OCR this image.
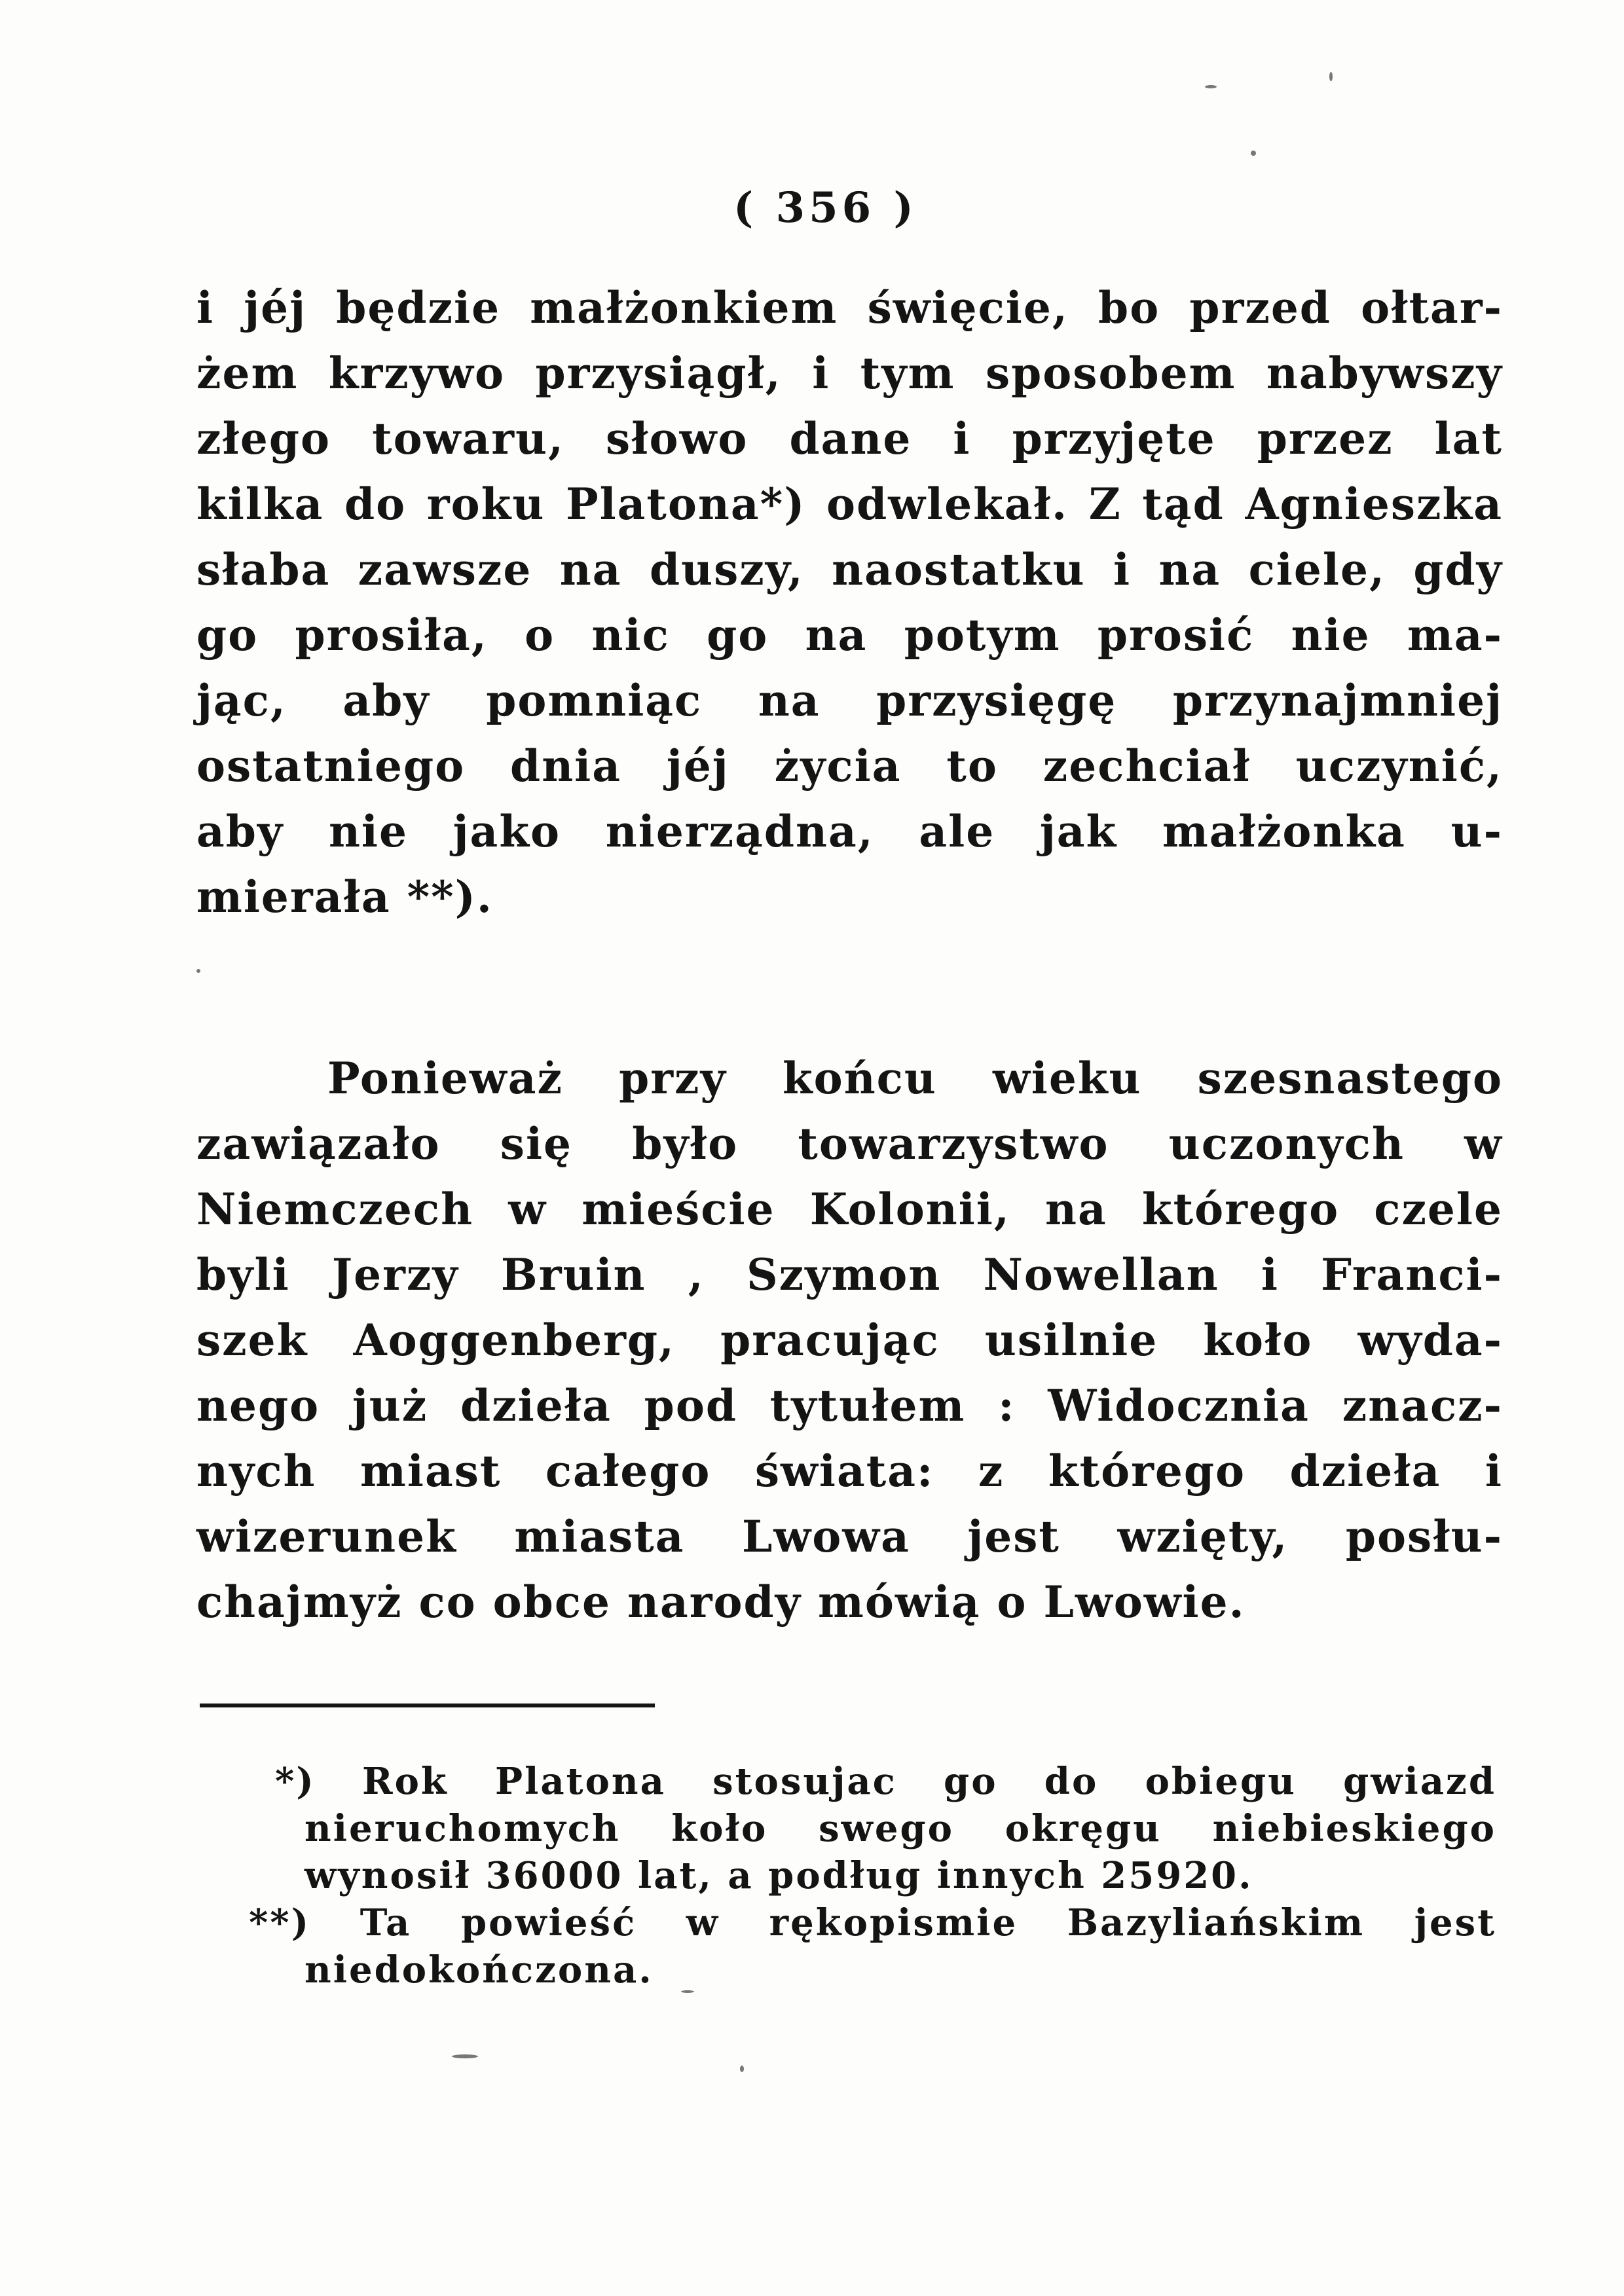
( 356 )
i jéj będzie małżonkiem święcie, bo przed ołtar-
żem krzywo przysiągł, i tym sposobem nabywszy
złego towaru, słowo dane i przyjęte przez lat
kilka do roku Platona*) odwlekał. Z tąd Agnieszka
słaba zawsze na duszy, naostatku i na ciele, gdy
go prosiła, o nic go na potym prosić nie ma-
jąc, aby pomniąc na przysięgę przynajmniej
ostatniego dnia jéj życia to zechciał uczynić,
aby nie jako nierządna, ale jak małżonka u-
mierała **).
Ponieważ przy końcu wieku szesnastego
zawiązało się było towarzystwo uczonych w
Niemczech w mieście Kolonii, na którego czele
byli Jerzy Bruin , Szymon Nowellan i Franci-
szek Aoggenberg, pracując usilnie koło wyda-
nego już dzieła pod tytułem : Widocznia znacz-
nych miast całego świata: z którego dzieła i
wizerunek miasta Lwowa jest wzięty, posłu-
chajmyż co obce narody mówią o Lwowie.
*) Rok Platona stosujac go do obiegu gwiazd
nieruchomych koło swego okręgu niebieskiego
wynosił 36000 lat, a podług innych 25920.
**) Ta powieść w rękopismie Bazyliańskim jest
niedokończona.
